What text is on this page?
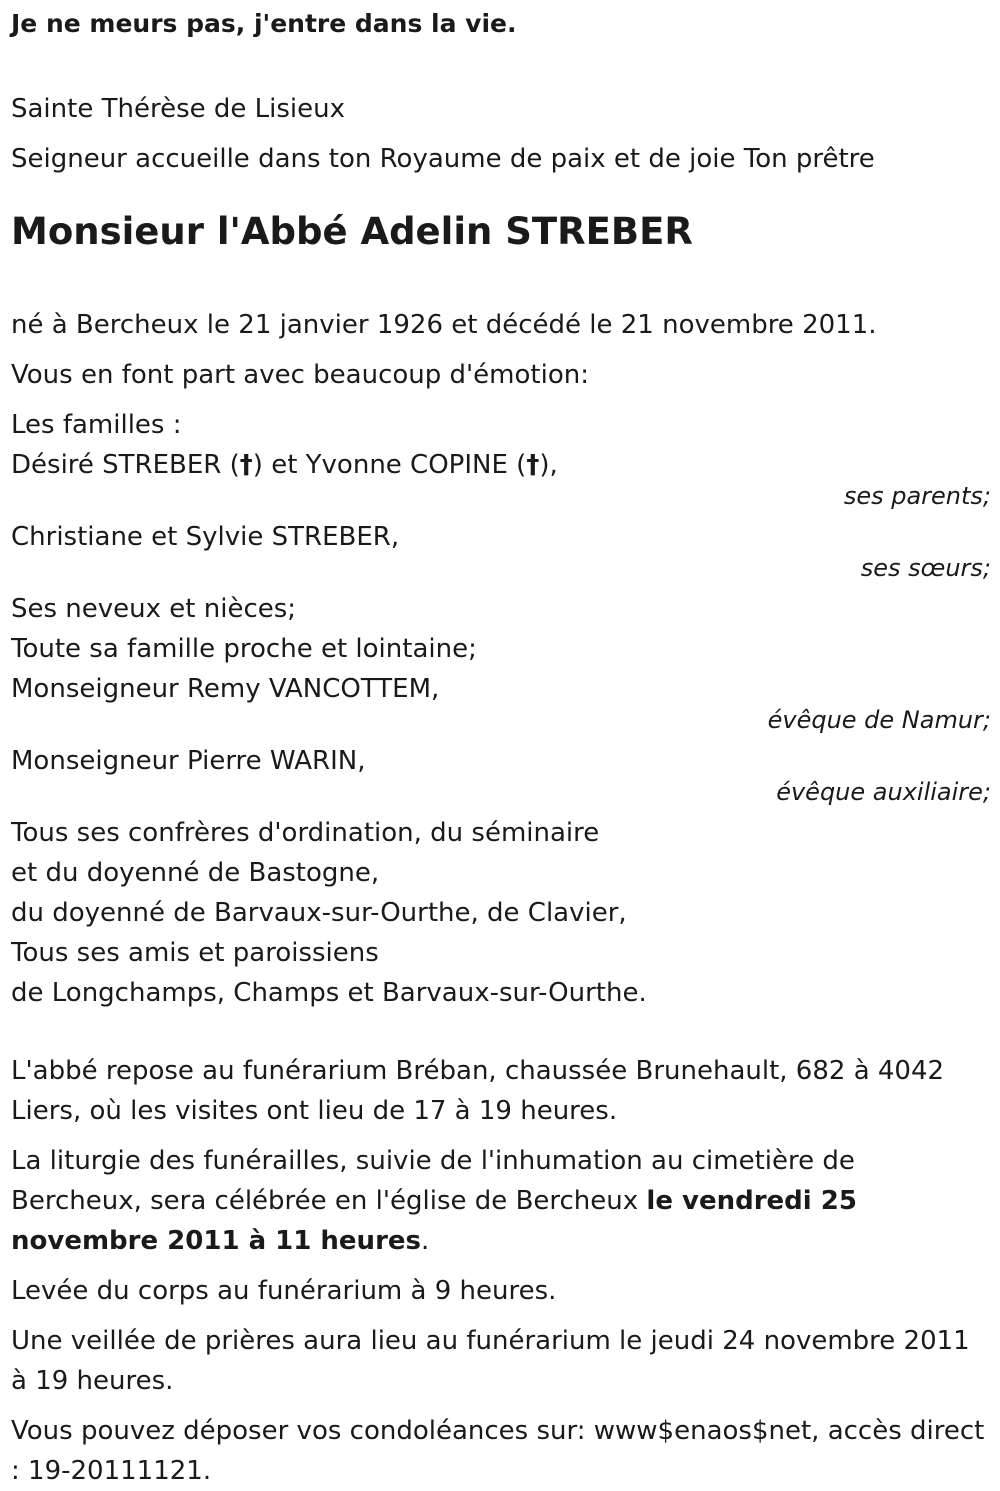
Je ne meurs pas, j'entre dans la vie.

Sainte Thérèse de Lisieux

Seigneur accueille dans ton Royaume de paix et de joie Ton prêtre

Monsieur l'Abbé Adelin STREBER

né à Bercheux le 21 janvier 1926 et décédé le 21 novembre 2011.

Vous en font part avec beaucoup d'émotion:

Les familles :

Désiré STREBER (†) et Yvonne COPINE (†),

ses parents;

Christiane et Sylvie STREBER,

ses sœurs;

Ses neveux et nièces;

Toute sa famille proche et lointaine;

Monseigneur Remy VANCOTTEM,

évêque de Namur;

Monseigneur Pierre WARIN,

évêque auxiliaire;

Tous ses confrères d'ordination, du séminaire

et du doyenné de Bastogne,

du doyenné de Barvaux-sur-Ourthe, de Clavier,

Tous ses amis et paroissiens

de Longchamps, Champs et Barvaux-sur-Ourthe.

L'abbé repose au funérarium Bréban, chaussée Brunehault, 682 à 4042 Liers, où les visites ont lieu de 17 à 19 heures.

La liturgie des funérailles, suivie de l'inhumation au cimetière de Bercheux, sera célébrée en l'église de Bercheux le vendredi 25 novembre 2011 à 11 heures.

Levée du corps au funérarium à 9 heures.

Une veillée de prières aura lieu au funérarium le jeudi 24 novembre 2011 à 19 heures.

Vous pouvez déposer vos condoléances sur: www$enaos$net, accès direct : 19-20111121.
